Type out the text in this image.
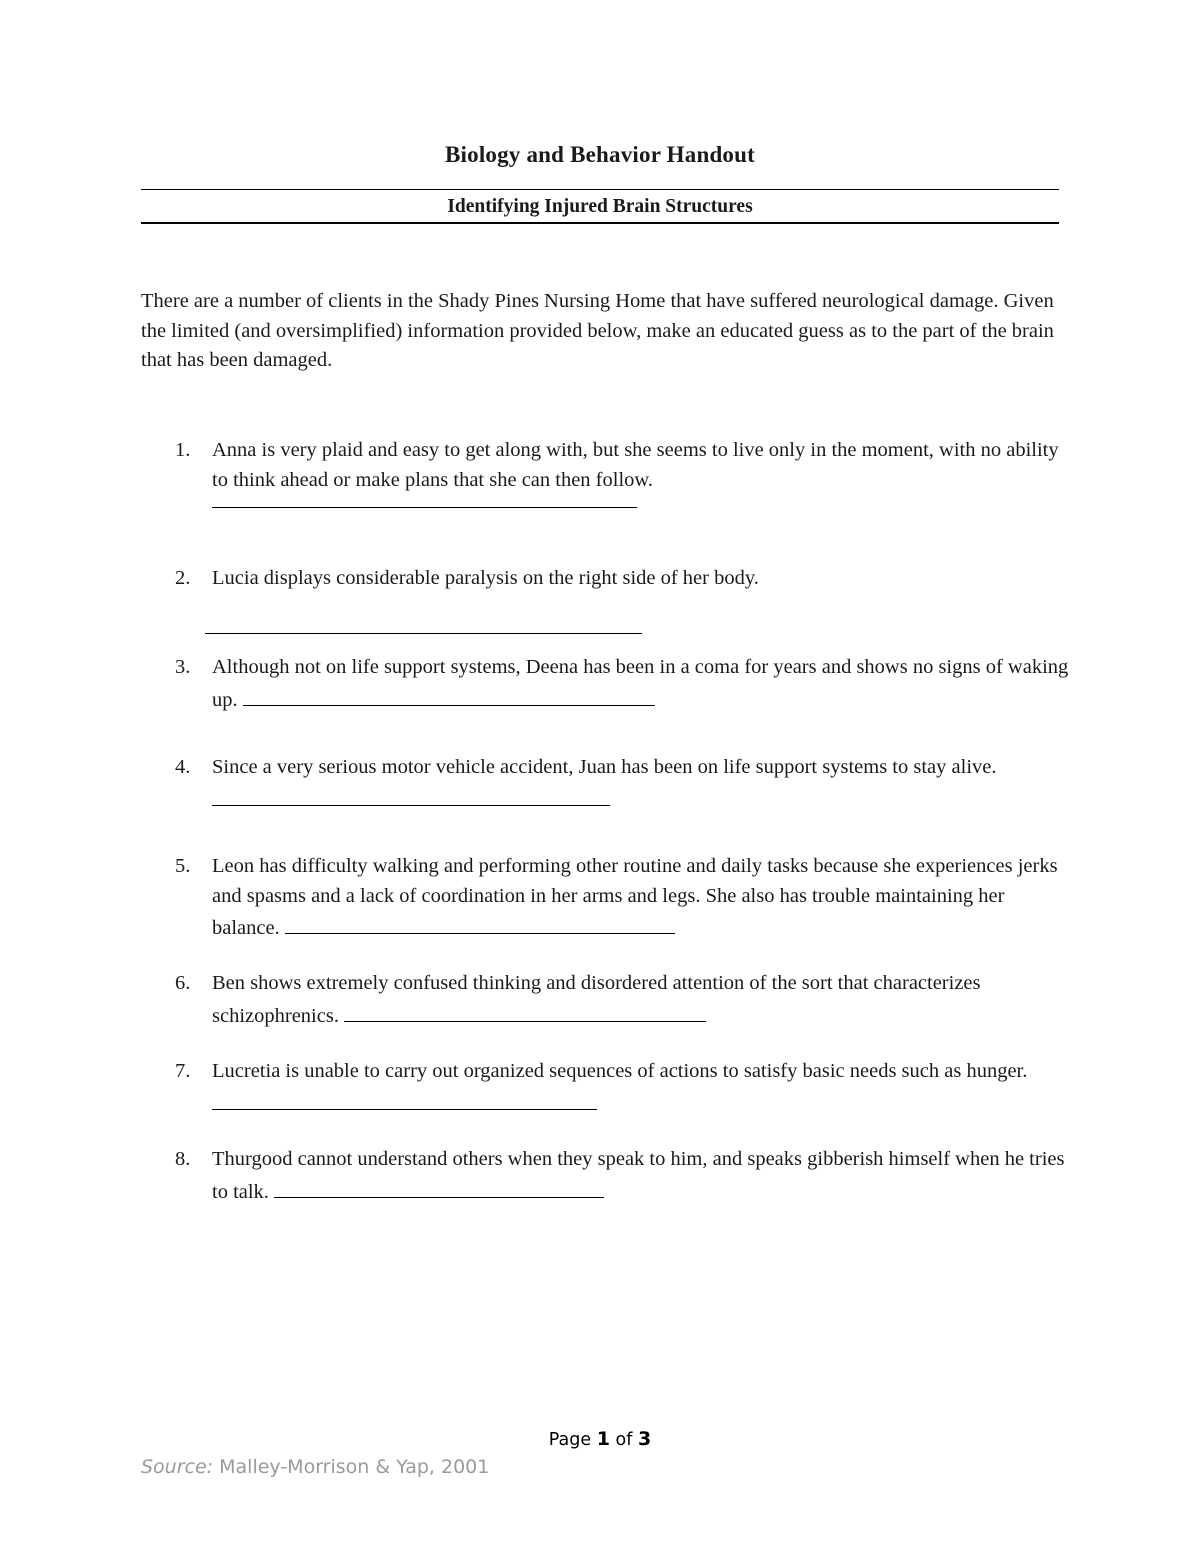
Biology and Behavior Handout
Identifying Injured Brain Structures
There are a number of clients in the Shady Pines Nursing Home that have suffered neurological damage. Given the limited (and oversimplified) information provided below, make an educated guess as to the part of the brain that has been damaged.
1. Anna is very plaid and easy to get along with, but she seems to live only in the moment, with no ability to think ahead or make plans that she can then follow.
2. Lucia displays considerable paralysis on the right side of her body.
3. Although not on life support systems, Deena has been in a coma for years and shows no signs of waking up.
4. Since a very serious motor vehicle accident, Juan has been on life support systems to stay alive.
5. Leon has difficulty walking and performing other routine and daily tasks because she experiences jerks and spasms and a lack of coordination in her arms and legs. She also has trouble maintaining her balance.
6. Ben shows extremely confused thinking and disordered attention of the sort that characterizes schizophrenics.
7. Lucretia is unable to carry out organized sequences of actions to satisfy basic needs such as hunger.
8. Thurgood cannot understand others when they speak to him, and speaks gibberish himself when he tries to talk.
Page 1 of 3
Source: Malley-Morrison & Yap, 2001
